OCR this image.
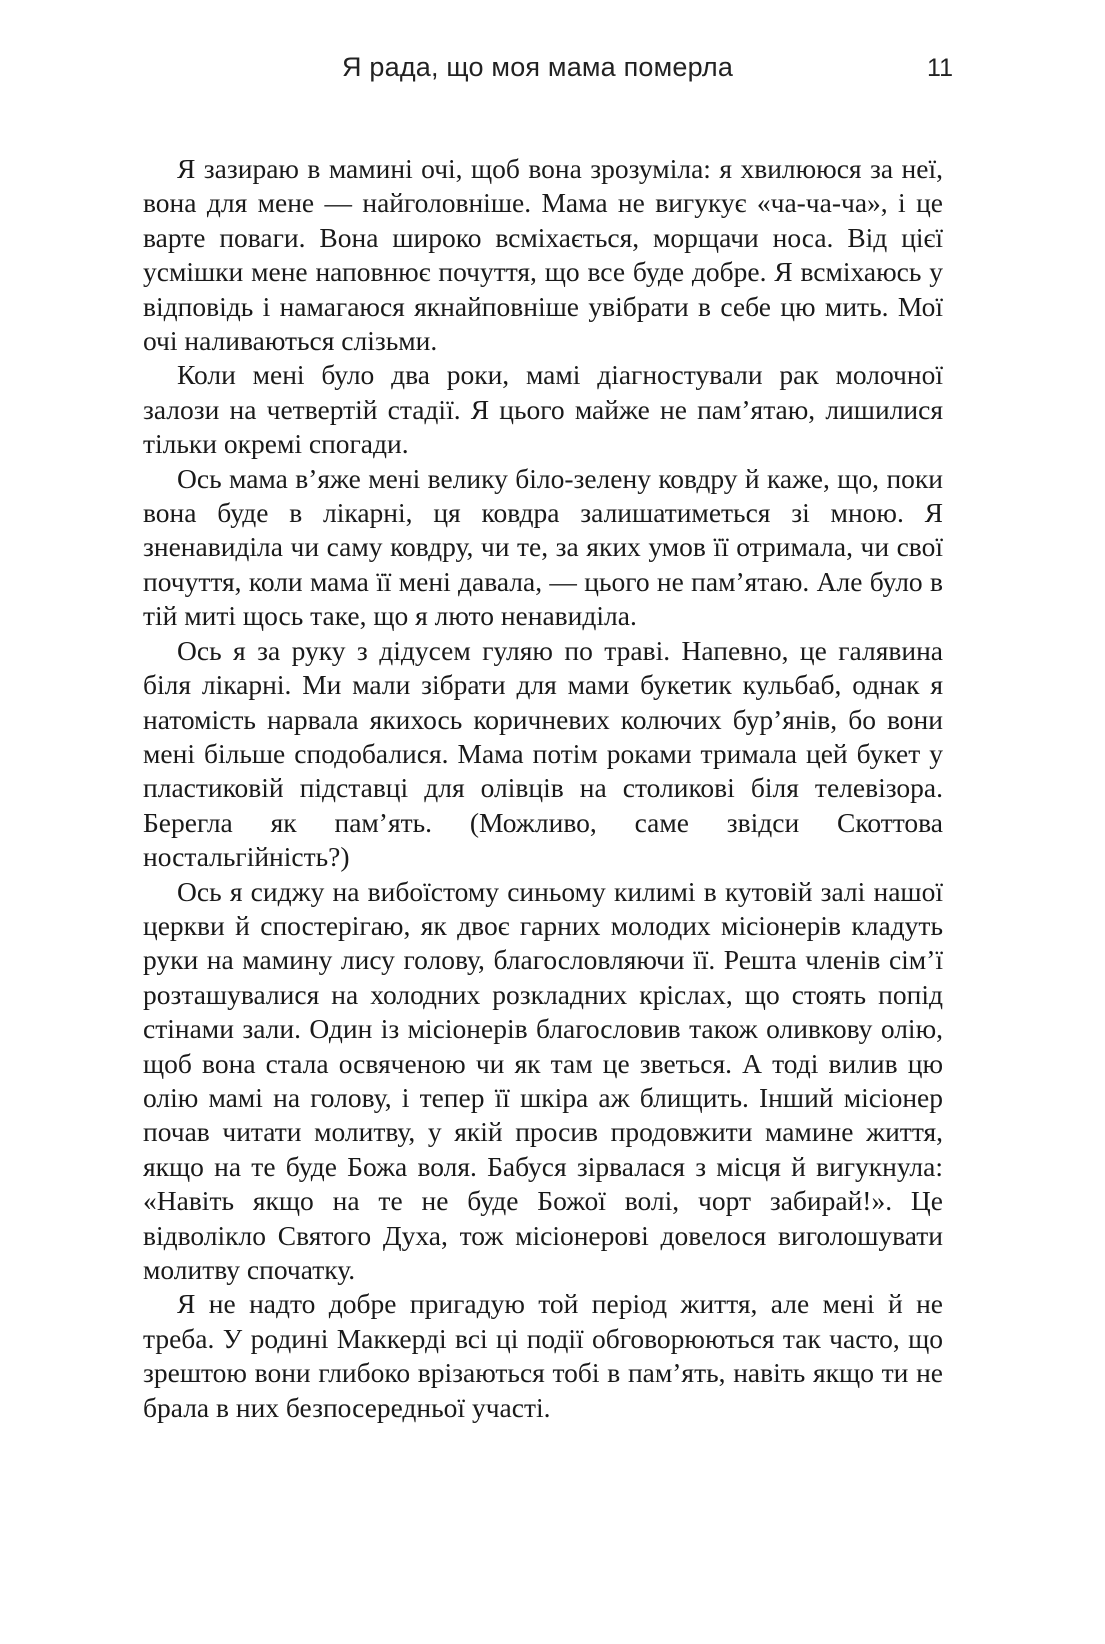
Я рада, що моя мама померла	11

Я зазираю в мамині очі, щоб вона зрозуміла: я хвилююся за неї, вона для мене — найголовніше. Мама не вигукує «ча-ча-ча», і це варте поваги. Вона широко всміхається, морщачи носа. Від цієї усмішки мене наповнює почуття, що все буде добре. Я всміхаюсь у відповідь і намагаюся якнайповніше увібрати в себе цю мить. Мої очі наливаються слізьми.

Коли мені було два роки, мамі діагностували рак молочної залози на четвертій стадії. Я цього майже не пам’ятаю, лишилися тільки окремі спогади.

Ось мама в’яже мені велику біло-зелену ковдру й каже, що, поки вона буде в лікарні, ця ковдра залишатиметься зі мною. Я зненавиділа чи саму ковдру, чи те, за яких умов її отримала, чи свої почуття, коли мама її мені давала, — цього не пам’ятаю. Але було в тій миті щось таке, що я люто ненавиділа.

Ось я за руку з дідусем гуляю по траві. Напевно, це галявина біля лікарні. Ми мали зібрати для мами букетик кульбаб, однак я натомість нарвала якихось коричневих колючих бур’янів, бо вони мені більше сподобалися. Мама потім роками тримала цей букет у пластиковій підставці для олівців на столикові біля телевізора. Берегла як пам’ять. (Можливо, саме звідси Скоттова ностальгійність?)

Ось я сиджу на вибоїстому синьому килимі в кутовій залі нашої церкви й спостерігаю, як двоє гарних молодих місіонерів кладуть руки на мамину лису голову, благословляючи її. Решта членів сім’ї розташувалися на холодних розкладних кріслах, що стоять попід стінами зали. Один із місіонерів благословив також оливкову олію, щоб вона стала освяченою чи як там це зветься. А тоді вилив цю олію мамі на голову, і тепер її шкіра аж блищить. Інший місіонер почав читати молитву, у якій просив продовжити мамине життя, якщо на те буде Божа воля. Бабуся зірвалася з місця й вигукнула: «Навіть якщо на те не буде Божої волі, чорт забирай!». Це відволікло Святого Духа, тож місіонерові довелося виголошувати молитву спочатку.

Я не надто добре пригадую той період життя, але мені й не треба. У родині Маккерді всі ці події обговорюються так часто, що зрештою вони глибоко врізаються тобі в пам’ять, навіть якщо ти не брала в них безпосередньої участі.
